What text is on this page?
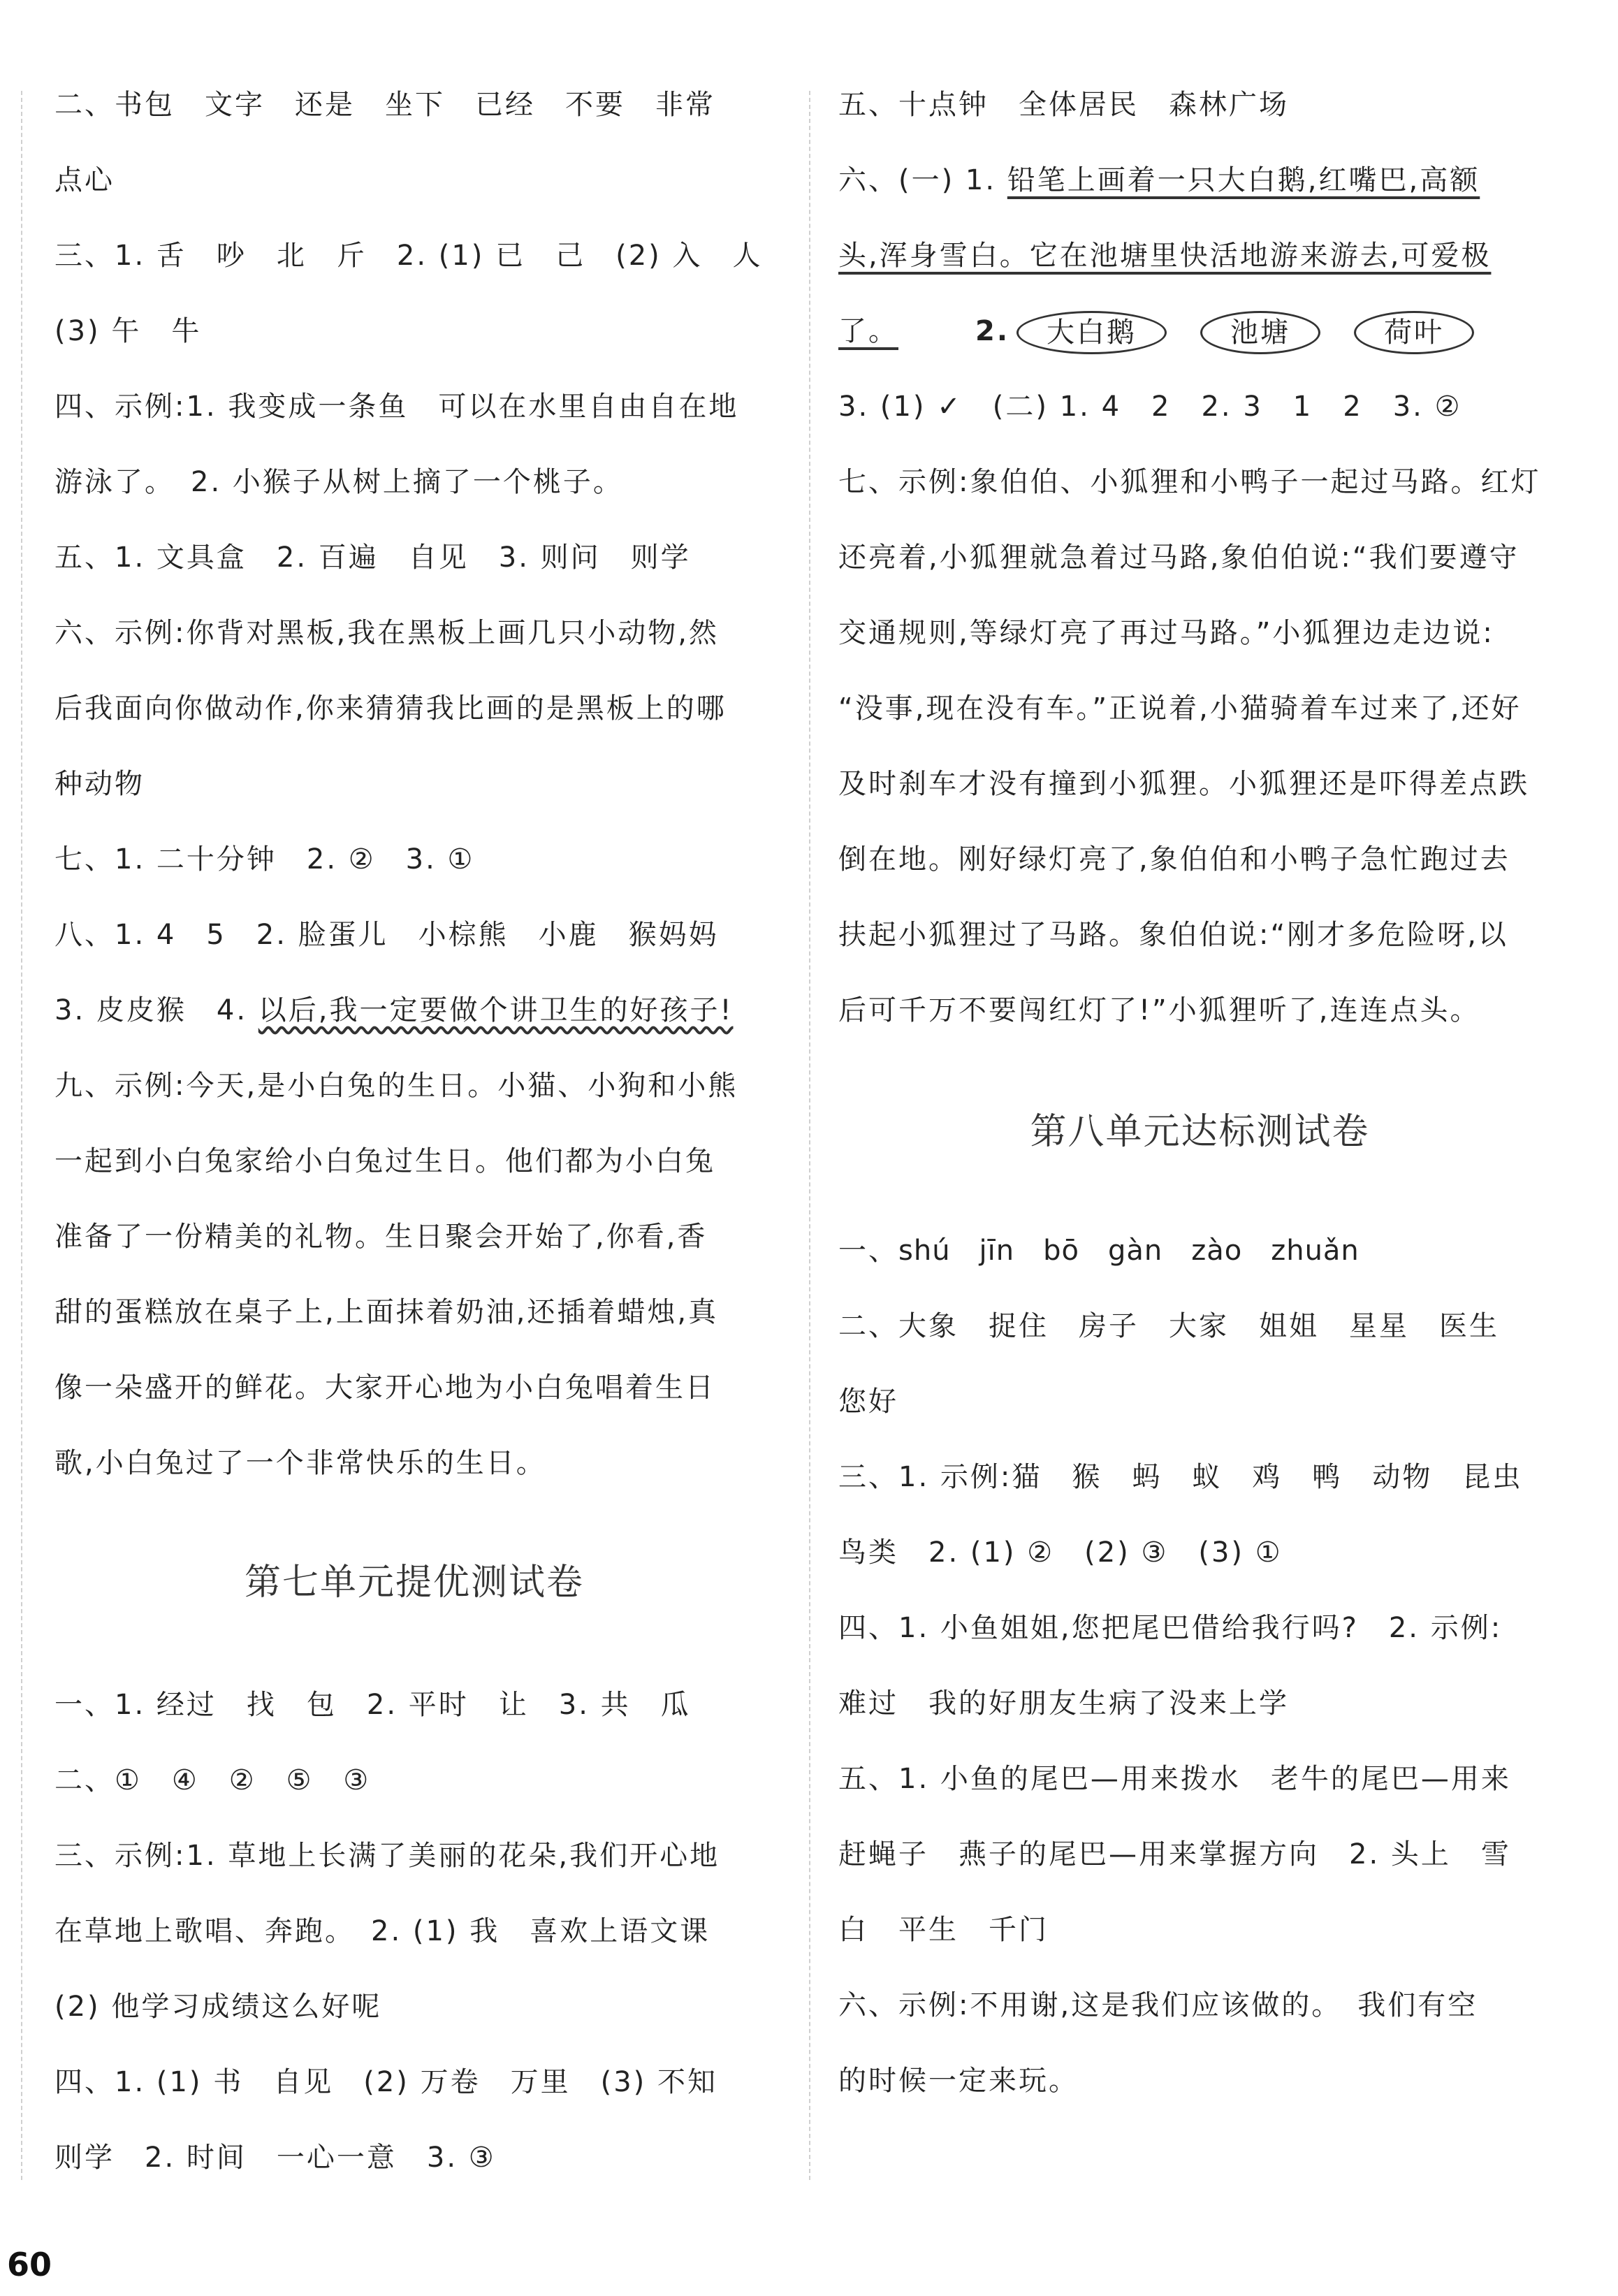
二、书包　文字　还是　坐下　已经　不要　非常
点心
三、1. 舌　吵　北　斤　2. (1) 已　己　(2) 入　人
(3) 午　牛
四、示例:1. 我变成一条鱼　可以在水里自由自在地
游泳了。　2. 小猴子从树上摘了一个桃子。
五、1. 文具盒　2. 百遍　自见　3. 则问　则学
六、示例:你背对黑板,我在黑板上画几只小动物,然
后我面向你做动作,你来猜猜我比画的是黑板上的哪
种动物
七、1. 二十分钟　2. ②　3. ①
八、1. 4　5　2. 脸蛋儿　小棕熊　小鹿　猴妈妈
3. 皮皮猴　4. 以后,我一定要做个讲卫生的好孩子!
九、示例:今天,是小白兔的生日。小猫、小狗和小熊
一起到小白兔家给小白兔过生日。他们都为小白兔
准备了一份精美的礼物。生日聚会开始了,你看,香
甜的蛋糕放在桌子上,上面抹着奶油,还插着蜡烛,真
像一朵盛开的鲜花。大家开心地为小白兔唱着生日
歌,小白兔过了一个非常快乐的生日。
第七单元提优测试卷
一、1. 经过　找　包　2. 平时　让　3. 共　瓜
二、①　④　②　⑤　③
三、示例:1. 草地上长满了美丽的花朵,我们开心地
在草地上歌唱、奔跑。　2. (1) 我　喜欢上语文课
(2) 他学习成绩这么好呢
四、1. (1) 书　自见　(2) 万卷　万里　(3) 不知
则学　2. 时间　一心一意　3. ③
五、十点钟　全体居民　森林广场
六、(一) 1. 铅笔上画着一只大白鹅,红嘴巴,高额
头,浑身雪白。它在池塘里快活地游来游去,可爱极
了。	2. 大白鹅	池塘	荷叶
3. (1) ✓　(二) 1. 4　2　2. 3　1　2　3. ②
七、示例:象伯伯、小狐狸和小鸭子一起过马路。红灯
还亮着,小狐狸就急着过马路,象伯伯说:“我们要遵守
交通规则,等绿灯亮了再过马路。”小狐狸边走边说:
“没事,现在没有车。”正说着,小猫骑着车过来了,还好
及时刹车才没有撞到小狐狸。小狐狸还是吓得差点跌
倒在地。刚好绿灯亮了,象伯伯和小鸭子急忙跑过去
扶起小狐狸过了马路。象伯伯说:“刚才多危险呀,以
后可千万不要闯红灯了!”小狐狸听了,连连点头。
第八单元达标测试卷
一、shú　jīn　bō　gàn　zào　zhuǎn
二、大象　捉住　房子　大家　姐姐　星星　医生
您好
三、1. 示例:猫　猴　蚂　蚁　鸡　鸭　动物　昆虫
鸟类　2. (1) ②　(2) ③　(3) ①
四、1. 小鱼姐姐,您把尾巴借给我行吗?　2. 示例:
难过　我的好朋友生病了没来上学
五、1. 小鱼的尾巴—用来拨水　老牛的尾巴—用来
赶蝇子　燕子的尾巴—用来掌握方向　2. 头上　雪
白　平生　千门
六、示例:不用谢,这是我们应该做的。　我们有空
的时候一定来玩。
60
